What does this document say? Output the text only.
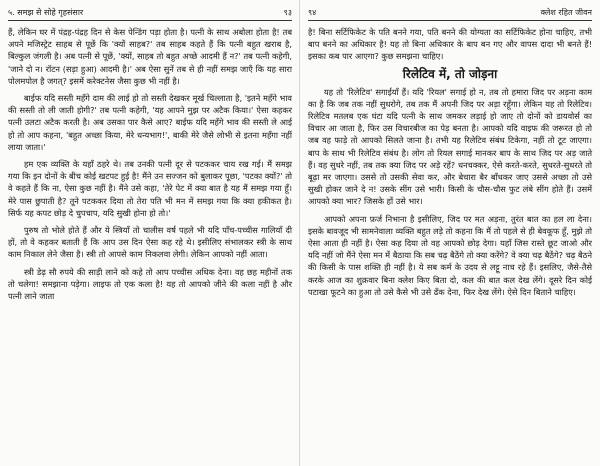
५. समझ से सोहे गृहसंसार	९३

हैं, लेकिन घर में पंद्रह-पंद्रह दिन से केस पेन्डिंग पड़ा होता है। पत्नी के साथ अबोला होता है! तब अपने मजिस्ट्रेट साहब से पूछें कि 'क्यों साहब?' तब साहब कहते हैं कि पत्नी बहुत खराब है, बिल्कुल जंगली है। अब पत्नी से पूछें, 'क्यों, साहब तो बहुत अच्छे आदमी हैं न?' तब पत्नी कहेगी, 'जाने दो न। रॉटन (सड़ा हुआ) आदमी है।' अब ऐसा सुनें तब से ही नहीं समझ जाएँ कि यह सारा पोलमपोल है जगत्? इसमें करेक्टनेस जैसा कुछ भी नहीं है।

बाईफ यदि सस्ती महँगे दाम की लाई हो तो सस्ती देखकर मूर्ख चिल्लाता है, 'इतने महँगे भाव की सस्ती तो ली जाती होगी?' तब पत्नी कहेगी, 'यह आपने मुझ पर अटैक किया।' ऐसा कहकर पत्नी उलटा अटैक करती है। अब उसका पार कैसे आए? बाईफ यदि महँगे भाव की सस्ती ले आई हो तो आप कहना, 'बहुत अच्छा किया, मेरे धन्यभाग!', बाकी मेरे जैसे लोभी से इतना महँगा नहीं लाया जाता।'

हम एक व्यक्ति के यहाँ ठहरे थे। तब उनकी पत्नी दूर से पटककर चाय रख गई। मैं समझ गया कि इन दोनों के बीच कोई खटपट हुई है! मैंने उन सज्जन को बुलाकर पूछा, 'पटका क्यों?' तो वे कहते हैं कि ना, ऐसा कुछ नहीं है। मैंने उसे कहा, 'तेरे पेट में क्या बात है यह मैं समझ गया हूँ। मेरे पास छुपाती है? तूने पटककर दिया तो तेरा पति भी मन में समझ गया कि क्या हकीकत है। सिर्फ यह कपट छोड़ दे चुपचाप, यदि सुखी होना हो तो।'

पुरुष तो भोले होते हैं और ये स्त्रियाँ तो चालीस वर्ष पहले भी यदि पाँच-पच्चीस गालियाँ दी हों, तो वे कहकर बताती हैं कि आप उस दिन ऐसा कह रहे थे। इसीलिए संभालकर स्त्री के साथ काम निकाल लेने जैसा है। स्त्री तो आपसे काम निकलवा लेगी। लेकिन आपको नहीं आता।

स्त्री डेढ़ सौ रुपये की साड़ी लाने को कहे तो आप पच्चीस अधिक देना। वह छह महीनों तक तो चलेगा! समझाना पड़ेगा। लाइफ तो एक कला है! यह तो आपको जीने की कला नहीं है और पत्नी लाने जाता

९४	क्लेश रहित जीवन

है! बिना सर्टिफिकेट के पति बनने गया, पति बनने की योग्यता का सर्टिफिकेट होना चाहिए, तभी बाप बनने का अधिकार है! यह तो बिना अधिकार के बाप बन गए और वापस दादा भी बनते हैं! इसका कब पार आएगा? कुछ समझना चाहिए।

रिलेटिव में, तो जोड़ना

यह तो 'रिलेटिव' सगाईयाँ हैं। यदि 'रियल' सगाई हो न, तब तो हमारा जिद पर अड़ना काम का है कि जब तक नहीं सुधरोगे, तब तक मैं अपनी जिद पर अड़ा रहूँगा। लेकिन यह तो रिलेटिव। रिलेटिव मतलब एक घंटा यदि पत्नी के साथ जमकर लड़ाई हो जाए तो दोनों को डायवोर्स का विचार आ जाता है, फिर उस विचारबीज का पेड़ बनता है। आपको यदि वाइफ की जरूरत हो तो जब वह फाड़े तो आपको सिलते जाना है। तभी यह रिलेटिव संबंध टिकेगा, नहीं तो टूट जाएगा। बाप के साथ भी रिलेटिव संबंध है। लोग तो रियल सगाई मानकर बाप के साथ जिद पर अड़ जाते हैं। वह सुधरे नहीं, तब तक क्या जिद पर अड़े रहें? धनचक्कर, ऐसे करते-करते, सुधरते-सुधरते तो बूढ़ा मर जाएगा। उससे तो उसकी सेवा कर, और बेचारा बैर बाँधकर जाए उससे अच्छा तो उसे सुखी होकर जाने दे न! उसके सींग उसे भारी। किसी के चौस-चौस फुट लंबे सींग होते हैं। उसमें आपको क्या भार? जिसके हों उसे भार।

आपको अपना फ़र्ज निभाना है इसीलिए, जिद पर मत अड़ना, तुरंत बात का हल ला देना। इसके बावजूद भी सामनेवाला व्यक्ति बहुत लड़े तो कहना कि मैं तो पहले से ही बेवकूफ हूँ, मुझे तो ऐसा आता ही नहीं है। ऐसा कह दिया तो वह आपको छोड़ देगा। यहाँ जिस रास्ते छूट जाओ और यदि नहीं जो मैंने ऐसा मन में बैठाया कि सब चढ़ बैठेंगे तो क्या करेंगे? वे क्या चढ़ बैठेंगे? चढ़ बैठने की किसी के पास शक्ति ही नहीं है। ये सब कर्म के उदय से लट्टू नाच रहे हैं। इसलिए, जैसे-तैसे करके आज का शुक्रवार बिना क्लेश किए बिता दो, कल की बात कल देख लेंगे। दूसरे दिन कोई पटाखा फूटने का हुआ तो उसे कैसे भी उसे ढँक देना, फिर देख लेंगे। ऐसे दिन बिताने चाहिए।
